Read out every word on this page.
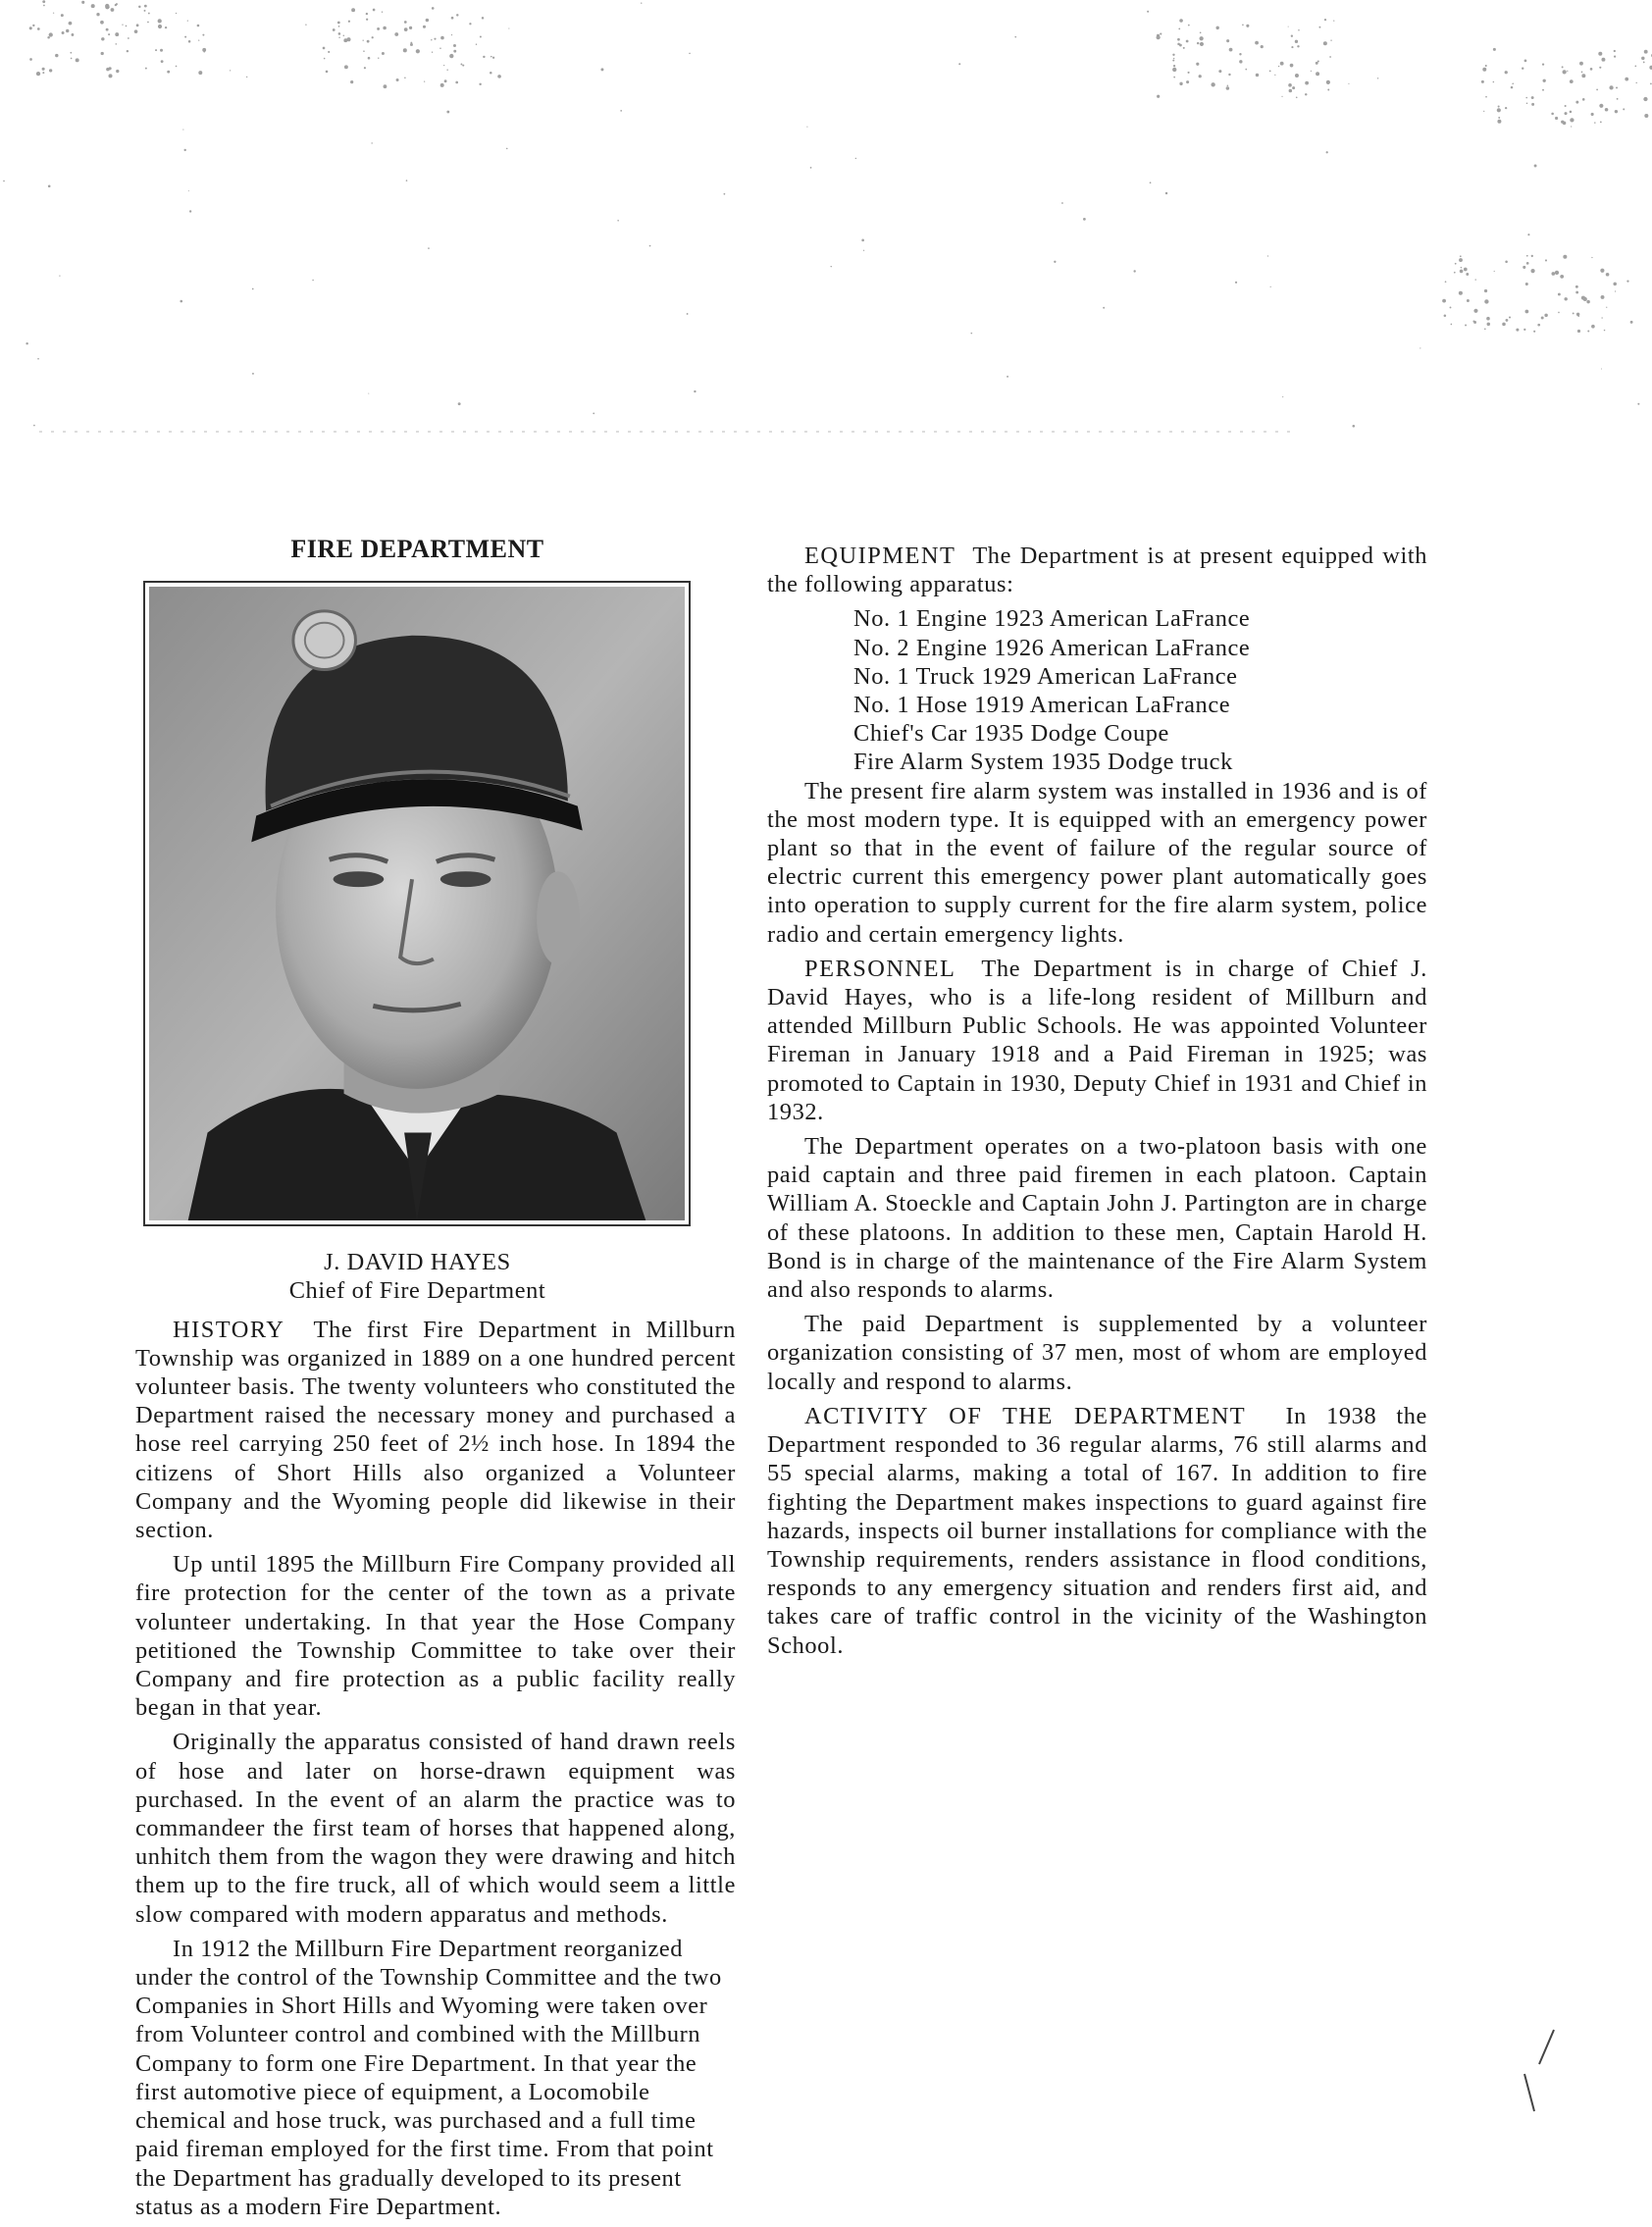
FIRE DEPARTMENT
J. DAVID HAYES
Chief of Fire Department

HISTORY The first Fire Department in Millburn Township was organized in 1889 on a one hundred percent volunteer basis. The twenty volunteers who constituted the Department raised the necessary money and purchased a hose reel carrying 250 feet of 2½ inch hose. In 1894 the citizens of Short Hills also organized a Volunteer Company and the Wyoming people did likewise in their section.

Up until 1895 the Millburn Fire Company provided all fire protection for the center of the town as a private volunteer undertaking. In that year the Hose Company petitioned the Township Committee to take over their Company and fire protection as a public facility really began in that year.

Originally the apparatus consisted of hand drawn reels of hose and later on horse-drawn equipment was purchased. In the event of an alarm the practice was to commandeer the first team of horses that happened along, unhitch them from the wagon they were drawing and hitch them up to the fire truck, all of which would seem a little slow compared with modern apparatus and methods.

In 1912 the Millburn Fire Department reorganized under the control of the Township Committee and the two Companies in Short Hills and Wyoming were taken over from Volunteer control and combined with the Millburn Company to form one Fire Department. In that year the first automotive piece of equipment, a Locomobile chemical and hose truck, was purchased and a full time paid fireman employed for the first time. From that point the Department has gradually developed to its present status as a modern Fire Department.

EQUIPMENT The Department is at present equipped with the following apparatus:

No. 1 Engine 1923 American LaFrance
No. 2 Engine 1926 American LaFrance
No. 1 Truck 1929 American LaFrance
No. 1 Hose 1919 American LaFrance
Chief's Car 1935 Dodge Coupe
Fire Alarm System 1935 Dodge truck

The present fire alarm system was installed in 1936 and is of the most modern type. It is equipped with an emergency power plant so that in the event of failure of the regular source of electric current this emergency power plant automatically goes into operation to supply current for the fire alarm system, police radio and certain emergency lights.

PERSONNEL The Department is in charge of Chief J. David Hayes, who is a life-long resident of Millburn and attended Millburn Public Schools. He was appointed Volunteer Fireman in January 1918 and a Paid Fireman in 1925; was promoted to Captain in 1930, Deputy Chief in 1931 and Chief in 1932.

The Department operates on a two-platoon basis with one paid captain and three paid firemen in each platoon. Captain William A. Stoeckle and Captain John J. Partington are in charge of these platoons. In addition to these men, Captain Harold H. Bond is in charge of the maintenance of the Fire Alarm System and also responds to alarms.

The paid Department is supplemented by a volunteer organization consisting of 37 men, most of whom are employed locally and respond to alarms.

ACTIVITY OF THE DEPARTMENT In 1938 the Department responded to 36 regular alarms, 76 still alarms and 55 special alarms, making a total of 167. In addition to fire fighting the Department makes inspections to guard against fire hazards, inspects oil burner installations for compliance with the Township requirements, renders assistance in flood conditions, responds to any emergency situation and renders first aid, and takes care of traffic control in the vicinity of the Washington School.
